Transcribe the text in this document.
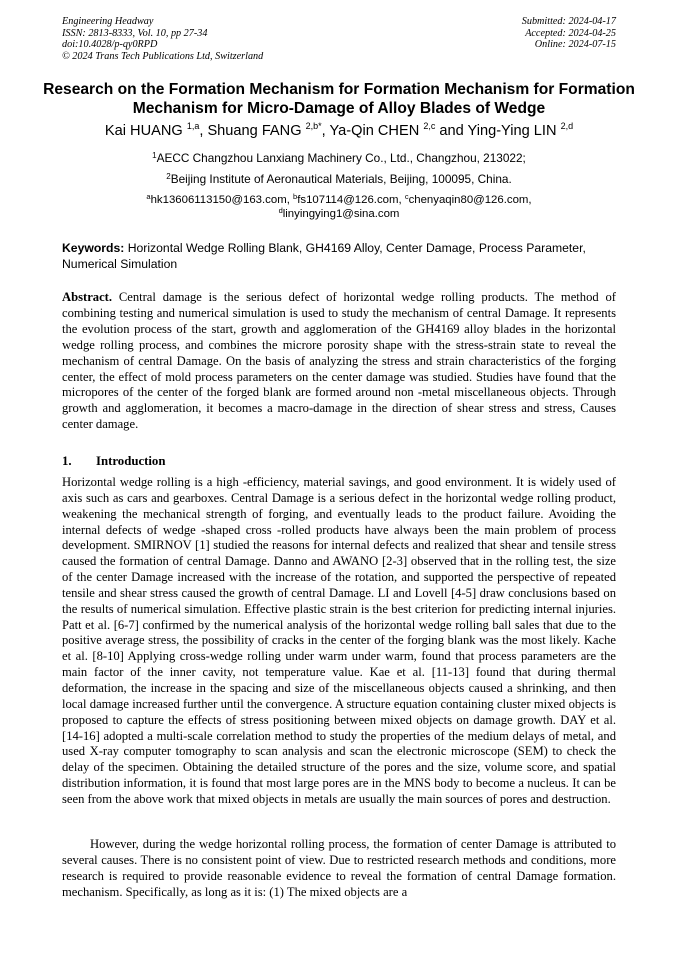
Engineering Headway
ISSN: 2813-8333, Vol. 10, pp 27-34
doi:10.4028/p-qy0RPD
© 2024 Trans Tech Publications Ltd, Switzerland
Submitted: 2024-04-17
Accepted: 2024-04-25
Online: 2024-07-15
Research on the Formation Mechanism for Formation Mechanism for Formation Mechanism for Micro-Damage of Alloy Blades of Wedge
Kai HUANG $^{1,a}$, Shuang FANG $^{2,b*}$, Ya-Qin CHEN $^{2,c}$ and Ying-Ying LIN $^{2,d}$
$^1$AECC Changzhou Lanxiang Machinery Co., Ltd., Changzhou, 213022;
$^2$Beijing Institute of Aeronautical Materials, Beijing, 100095, China.
$^a$hk13606113150@163.com, $^b$fs107114@126.com, $^c$chenyaqin80@126.com,
$^d$linyingying1@sina.com

Keywords: Horizontal Wedge Rolling Blank, GH4169 Alloy, Center Damage, Process Parameter, Numerical Simulation

Abstract. Central damage is the serious defect of horizontal wedge rolling products. The method of combining testing and numerical simulation is used to study the mechanism of central Damage. It represents the evolution process of the start, growth and agglomeration of the GH4169 alloy blades in the horizontal wedge rolling process, and combines the microre porosity shape with the stress-strain state to reveal the mechanism of central Damage. On the basis of analyzing the stress and strain characteristics of the forging center, the effect of mold process parameters on the center damage was studied. Studies have found that the micropores of the center of the forged blank are formed around non -metal miscellaneous objects. Through growth and agglomeration, it becomes a macro-damage in the direction of shear stress and stress, Causes center damage.

1. Introduction

Horizontal wedge rolling is a high -efficiency, material savings, and good environment. It is widely used of axis such as cars and gearboxes. Central Damage is a serious defect in the horizontal wedge rolling product, weakening the mechanical strength of forging, and eventually leads to the product failure. Avoiding the internal defects of wedge -shaped cross -rolled products have always been the main problem of process development. SMIRNOV [1] studied the reasons for internal defects and realized that shear and tensile stress caused the formation of central Damage. Danno and AWANO [2-3] observed that in the rolling test, the size of the center Damage increased with the increase of the rotation, and supported the perspective of repeated tensile and shear stress caused the growth of central Damage. LI and Lovell [4-5] draw conclusions based on the results of numerical simulation. Effective plastic strain is the best criterion for predicting internal injuries. Patt et al. [6-7] confirmed by the numerical analysis of the horizontal wedge rolling ball sales that due to the positive average stress, the possibility of cracks in the center of the forging blank was the most likely. Kache et al. [8-10] Applying cross-wedge rolling under warm under warm, found that process parameters are the main factor of the inner cavity, not temperature value. Kae et al. [11-13] found that during thermal deformation, the increase in the spacing and size of the miscellaneous objects caused a shrinking, and then local damage increased further until the convergence. A structure equation containing cluster mixed objects is proposed to capture the effects of stress positioning between mixed objects on damage growth. DAY et al. [14-16] adopted a multi-scale correlation method to study the properties of the medium delays of metal, and used X-ray computer tomography to scan analysis and scan the electronic microscope (SEM) to check the delay of the specimen. Obtaining the detailed structure of the pores and the size, volume score, and spatial distribution information, it is found that most large pores are in the MNS body to become a nucleus. It can be seen from the above work that mixed objects in metals are usually the main sources of pores and destruction.

However, during the wedge horizontal rolling process, the formation of center Damage is attributed to several causes. There is no consistent point of view. Due to restricted research methods and conditions, more research is required to provide reasonable evidence to reveal the formation of central Damage formation. mechanism. Specifically, as long as it is: (1) The mixed objects are a
